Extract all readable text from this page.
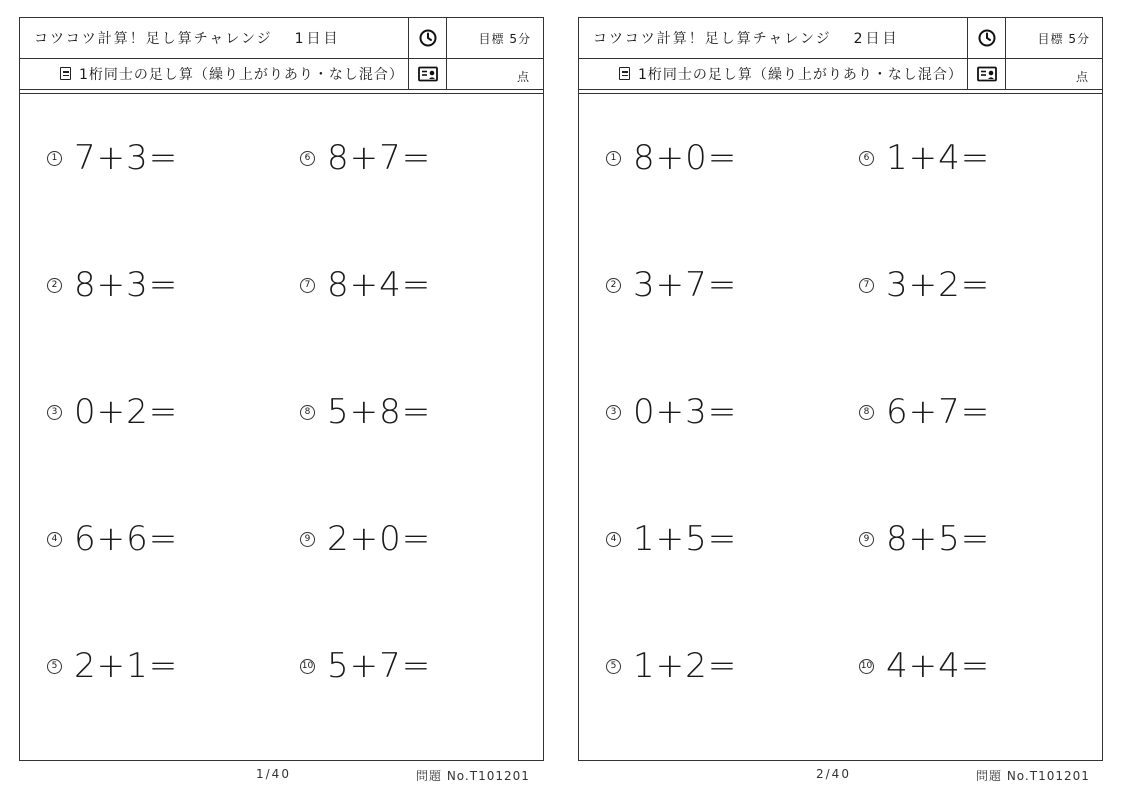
コツコツ計算！足し算チャレンジ 1日目	目標 5分
1桁同士の足し算（繰り上がりあり・なし混合）	点
1 7+3=
2 8+3=
3 0+2=
4 6+6=
5 2+1=
6 8+7=
7 8+4=
8 5+8=
9 2+0=
10 5+7=
1/40	問題 No.T101201
コツコツ計算！足し算チャレンジ 2日目	目標 5分
1桁同士の足し算（繰り上がりあり・なし混合）	点
1 8+0=
2 3+7=
3 0+3=
4 1+5=
5 1+2=
6 1+4=
7 3+2=
8 6+7=
9 8+5=
10 4+4=
2/40	問題 No.T101201
